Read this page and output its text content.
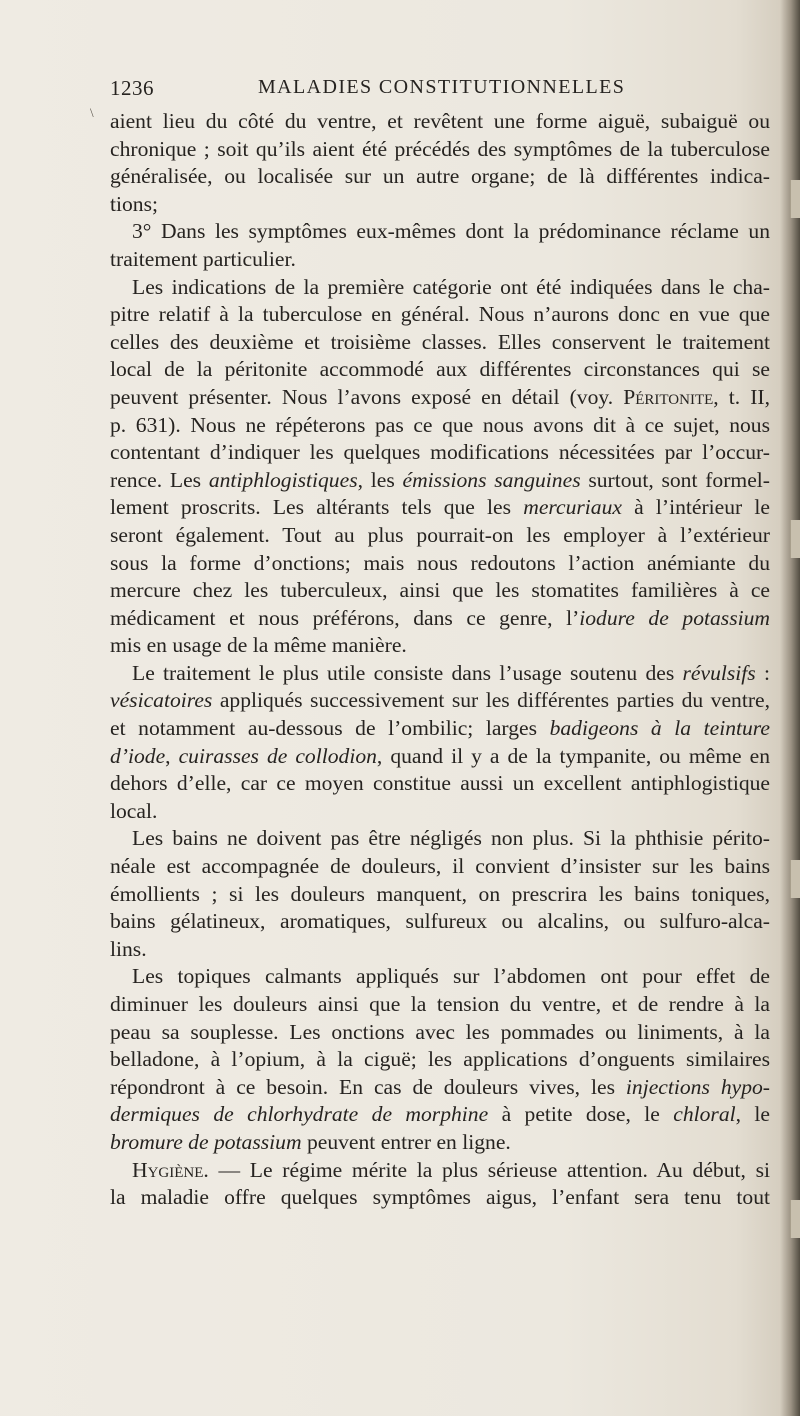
1236	MALADIES CONSTITUTIONNELLES
\ aient lieu du côté du ventre, et revêtent une forme aiguë, subaiguë ou
chronique ; soit qu’ils aient été précédés des symptômes de la tuberculose
généralisée, ou localisée sur un autre organe; de là différentes indica-
tions;
3° Dans les symptômes eux-mêmes dont la prédominance réclame un
traitement particulier.
Les indications de la première catégorie ont été indiquées dans le cha-
pitre relatif à la tuberculose en général. Nous n’aurons donc en vue que
celles des deuxième et troisième classes. Elles conservent le traitement
local de la péritonite accommodé aux différentes circonstances qui se
peuvent présenter. Nous l’avons exposé en détail (voy. Péritonite, t. II,
p. 631). Nous ne répéterons pas ce que nous avons dit à ce sujet, nous
contentant d’indiquer les quelques modifications nécessitées par l’occur-
rence. Les antiphlogistiques, les émissions sanguines surtout, sont formel-
lement proscrits. Les altérants tels que les mercuriaux à l’intérieur le
seront également. Tout au plus pourrait-on les employer à l’extérieur
sous la forme d’onctions; mais nous redoutons l’action anémiante du
mercure chez les tuberculeux, ainsi que les stomatites familières à ce
médicament et nous préférons, dans ce genre, l’iodure de potassium
mis en usage de la même manière.
Le traitement le plus utile consiste dans l’usage soutenu des révulsifs :
vésicatoires appliqués successivement sur les différentes parties du ventre,
et notamment au-dessous de l’ombilic; larges badigeons à la teinture
d’iode, cuirasses de collodion, quand il y a de la tympanite, ou même en
dehors d’elle, car ce moyen constitue aussi un excellent antiphlogistique
local.
Les bains ne doivent pas être négligés non plus. Si la phthisie périto-
néale est accompagnée de douleurs, il convient d’insister sur les bains
émollients ; si les douleurs manquent, on prescrira les bains toniques,
bains gélatineux, aromatiques, sulfureux ou alcalins, ou sulfuro-alca-
lins.
Les topiques calmants appliqués sur l’abdomen ont pour effet de
diminuer les douleurs ainsi que la tension du ventre, et de rendre à la
peau sa souplesse. Les onctions avec les pommades ou liniments, à la
belladone, à l’opium, à la ciguë; les applications d’onguents similaires
répondront à ce besoin. En cas de douleurs vives, les injections hypo-
dermiques de chlorhydrate de morphine à petite dose, le chloral, le
bromure de potassium peuvent entrer en ligne.
Hygiène. — Le régime mérite la plus sérieuse attention. Au début, si
la maladie offre quelques symptômes aigus, l’enfant sera tenu tout
